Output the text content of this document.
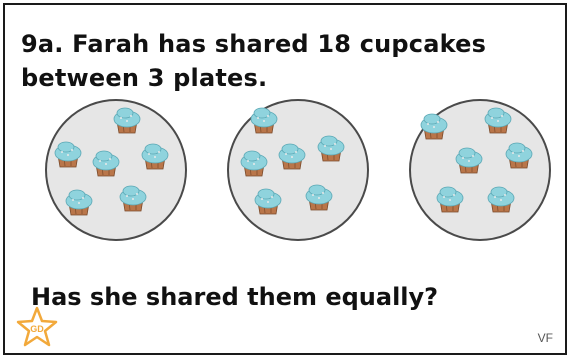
9a. Farah has shared 18 cupcakes
between 3 plates.
Has she shared them equally?
GD
VF
